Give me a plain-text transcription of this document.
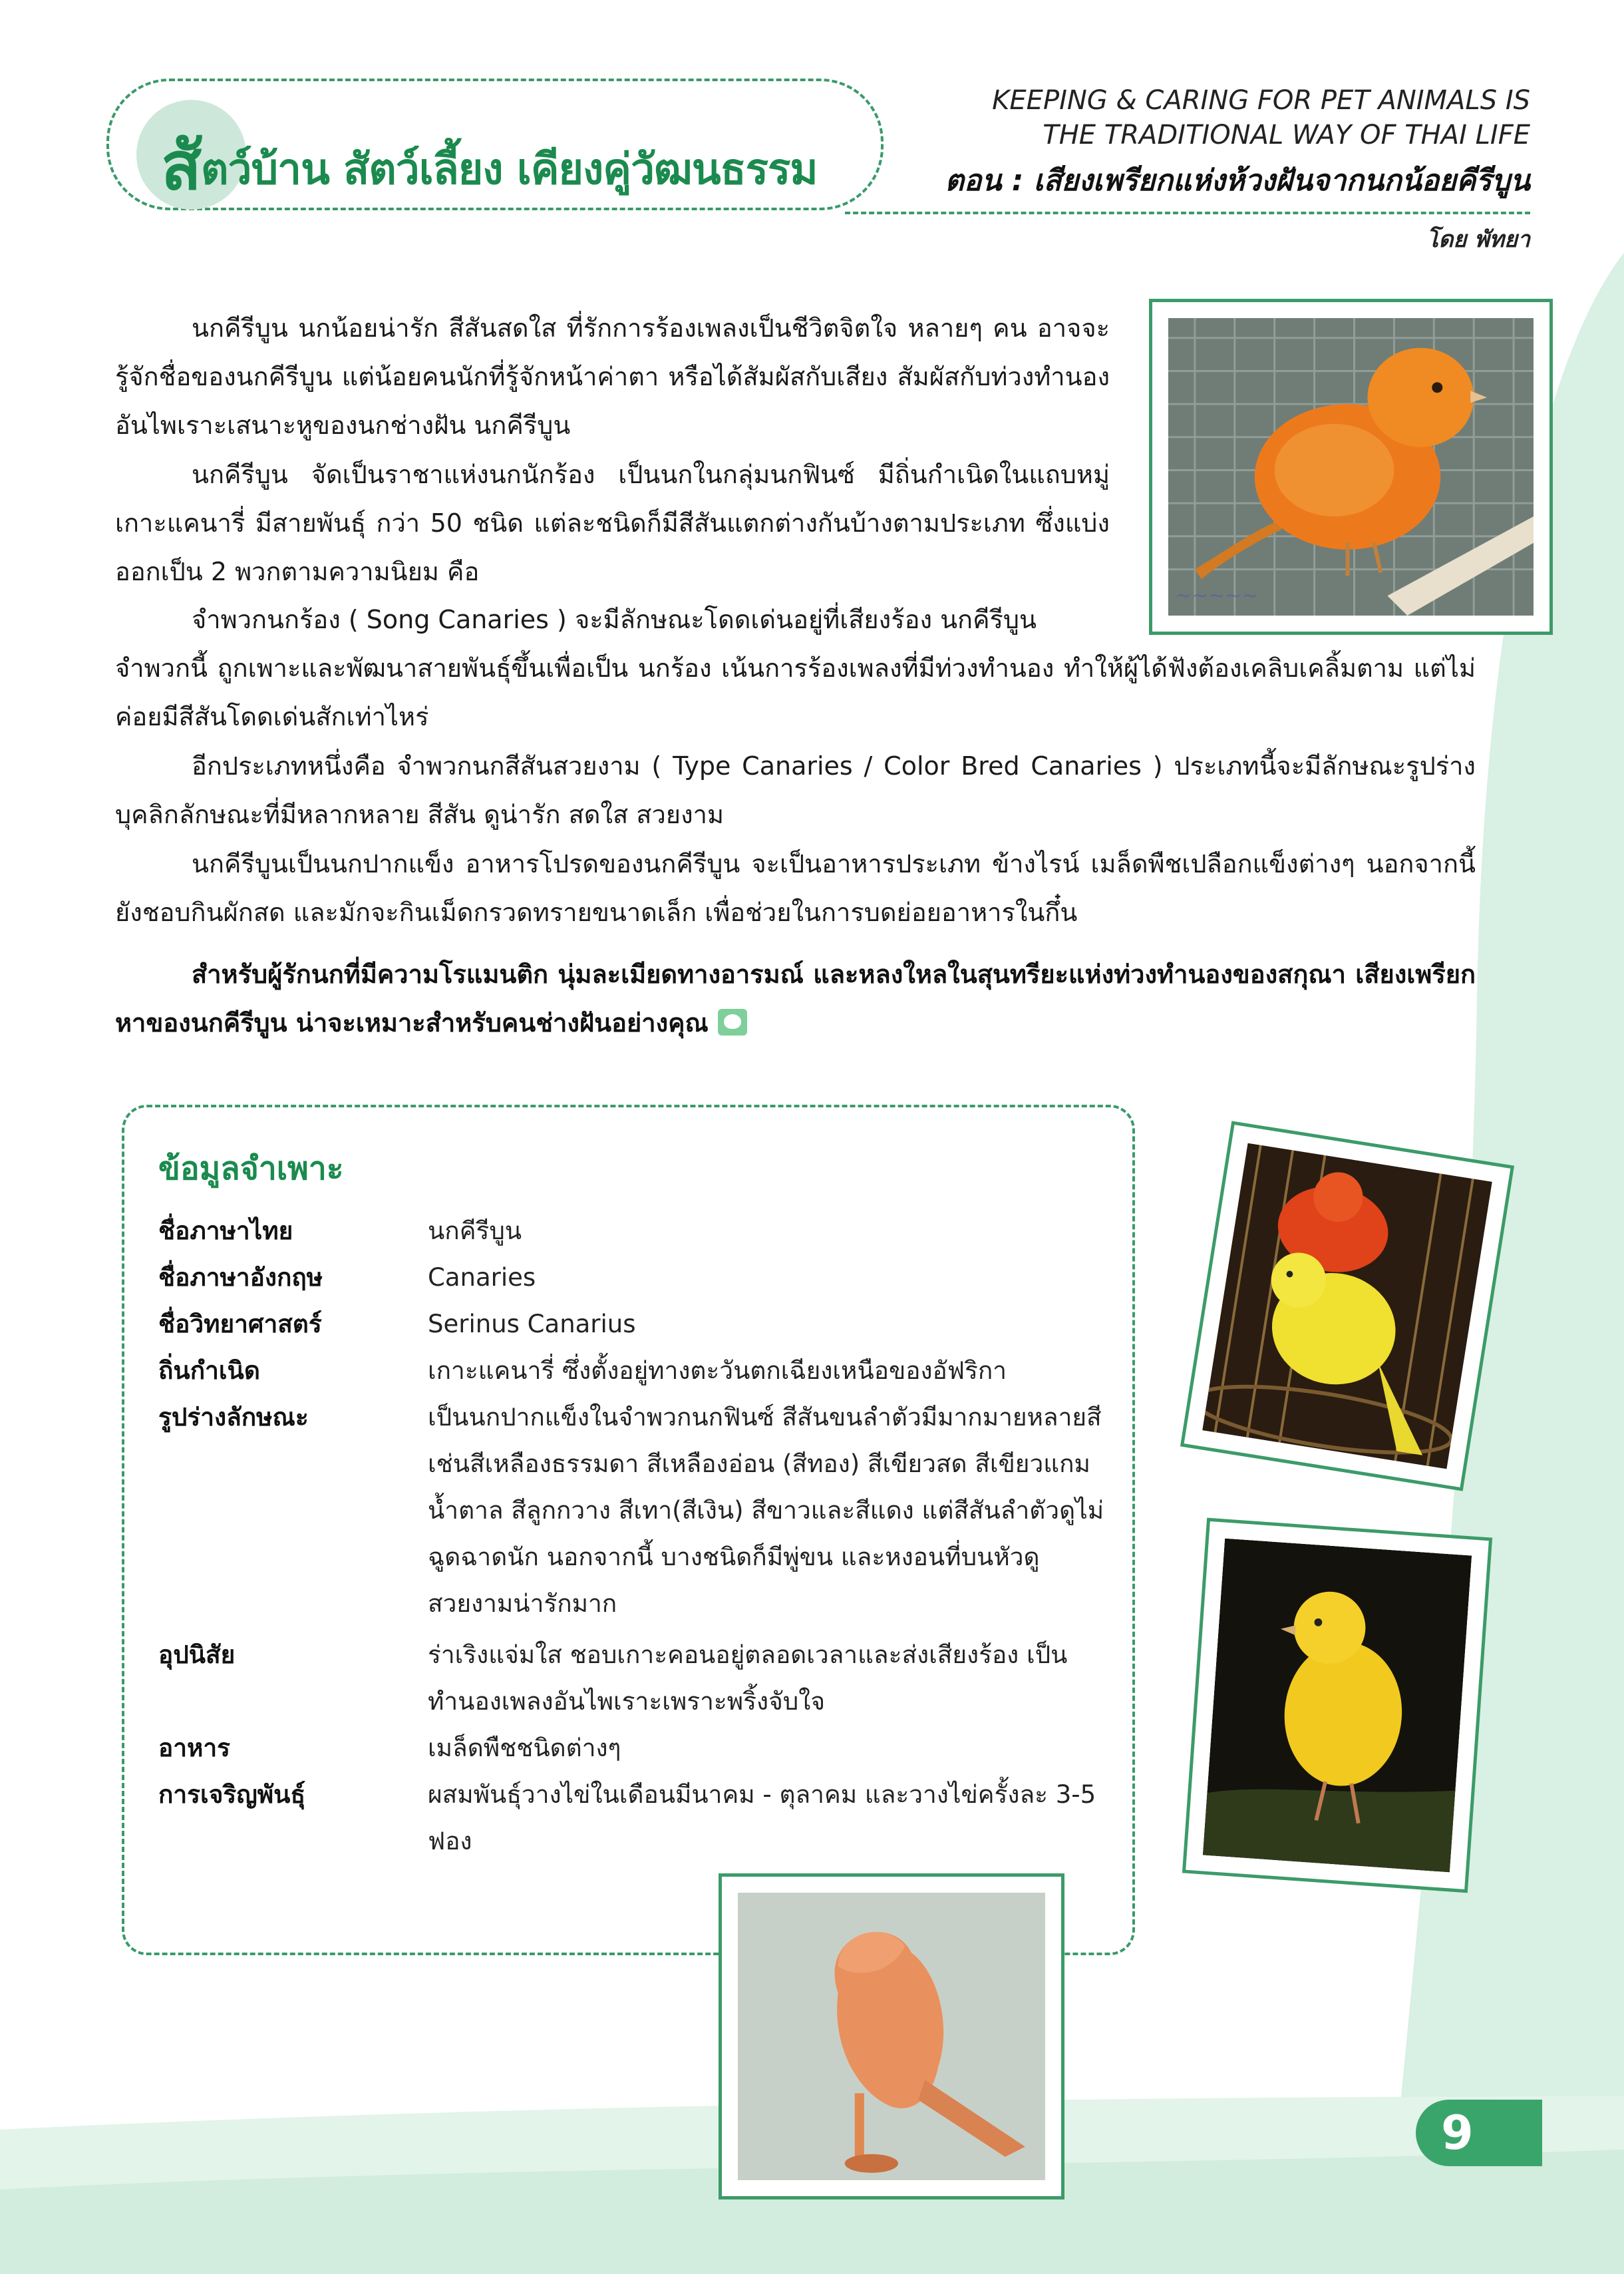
สัตว์บ้าน สัตว์เลี้ยง เคียงคู่วัฒนธรรม
KEEPING & CARING FOR PET ANIMALS IS
THE TRADITIONAL WAY OF THAI LIFE
ตอน : เสียงเพรียกแห่งห้วงฝันจากนกน้อยคีรีบูน
โดย พัทยา

นกคีรีบูน นกน้อยน่ารัก สีสันสดใส ที่รักการร้องเพลงเป็นชีวิตจิตใจ หลายๆ คน อาจจะรู้จักชื่อของนกคีรีบูน แต่น้อยคนนักที่รู้จักหน้าค่าตา หรือได้สัมผัสกับเสียง สัมผัสกับท่วงทำนองอันไพเราะเสนาะหูของนกช่างฝัน นกคีรีบูน

นกคีรีบูน จัดเป็นราชาแห่งนกนักร้อง เป็นนกในกลุ่มนกฟินซ์ มีถิ่นกำเนิดในแถบหมู่เกาะแคนารี่ มีสายพันธุ์ กว่า 50 ชนิด แต่ละชนิดก็มีสีสันแตกต่างกันบ้างตามประเภท ซึ่งแบ่งออกเป็น 2 พวกตามความนิยม คือ

จำพวกนกร้อง ( Song Canaries ) จะมีลักษณะโดดเด่นอยู่ที่เสียงร้อง นกคีรีบูน

จำพวกนี้ ถูกเพาะและพัฒนาสายพันธุ์ขึ้นเพื่อเป็น นกร้อง เน้นการร้องเพลงที่มีท่วงทำนอง ทำให้ผู้ได้ฟังต้องเคลิบเคลิ้มตาม แต่ไม่ค่อยมีสีสันโดดเด่นสักเท่าไหร่

อีกประเภทหนึ่งคือ จำพวกนกสีสันสวยงาม ( Type Canaries / Color Bred Canaries ) ประเภทนี้จะมีลักษณะรูปร่าง บุคลิกลักษณะที่มีหลากหลาย สีสัน ดูน่ารัก สดใส สวยงาม

นกคีรีบูนเป็นนกปากแข็ง อาหารโปรดของนกคีรีบูน จะเป็นอาหารประเภท ข้างไรน์ เมล็ดพืชเปลือกแข็งต่างๆ นอกจากนี้ ยังชอบกินผักสด และมักจะกินเม็ดกรวดทรายขนาดเล็ก เพื่อช่วยในการบดย่อยอาหารในกึ๋น

สำหรับผู้รักนกที่มีความโรแมนติก นุ่มละเมียดทางอารมณ์ และหลงใหลในสุนทรียะแห่งท่วงทำนองของสกุณา เสียงเพรียกหาของนกคีรีบูน น่าจะเหมาะสำหรับคนช่างฝันอย่างคุณ

~~~~~
ข้อมูลจำเพาะ
ชื่อภาษาไทย	นกคีรีบูน
ชื่อภาษาอังกฤษ	Canaries
ชื่อวิทยาศาสตร์	Serinus Canarius
ถิ่นกำเนิด	เกาะแคนารี่ ซึ่งตั้งอยู่ทางตะวันตกเฉียงเหนือของอัฟริกา
รูปร่างลักษณะ	เป็นนกปากแข็งในจำพวกนกฟินซ์ สีสันขนลำตัวมีมากมายหลายสี เช่นสีเหลืองธรรมดา สีเหลืองอ่อน (สีทอง) สีเขียวสด สีเขียวแกมน้ำตาล สีลูกกวาง สีเทา(สีเงิน) สีขาวและสีแดง แต่สีสันลำตัวดูไม่ฉูดฉาดนัก นอกจากนี้ บางชนิดก็มีพู่ขน และหงอนที่บนหัวดูสวยงามน่ารักมาก
อุปนิสัย	ร่าเริงแจ่มใส ชอบเกาะคอนอยู่ตลอดเวลาและส่งเสียงร้อง เป็นทำนองเพลงอันไพเราะเพราะพริ้งจับใจ
อาหาร	เมล็ดพืชชนิดต่างๆ
การเจริญพันธุ์	ผสมพันธุ์วางไข่ในเดือนมีนาคม - ตุลาคม และวางไข่ครั้งละ 3-5 ฟอง
9
